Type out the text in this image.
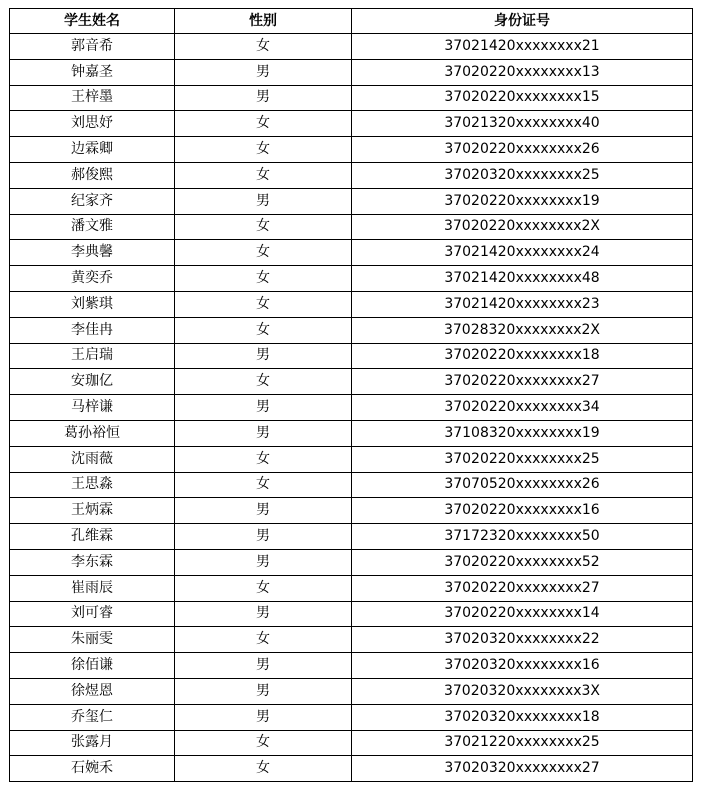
学生姓名	性别	身份证号
郭音希	女	37021420xxxxxxxx21
钟嘉圣	男	37020220xxxxxxxx13
王梓墨	男	37020220xxxxxxxx15
刘思妤	女	37021320xxxxxxxx40
边霖卿	女	37020220xxxxxxxx26
郝俊熙	女	37020320xxxxxxxx25
纪家齐	男	37020220xxxxxxxx19
潘文雅	女	37020220xxxxxxxx2X
李典馨	女	37021420xxxxxxxx24
黄奕乔	女	37021420xxxxxxxx48
刘紫琪	女	37021420xxxxxxxx23
李佳冉	女	37028320xxxxxxxx2X
王启瑞	男	37020220xxxxxxxx18
安珈亿	女	37020220xxxxxxxx27
马梓谦	男	37020220xxxxxxxx34
葛孙裕恒	男	37108320xxxxxxxx19
沈雨薇	女	37020220xxxxxxxx25
王思淼	女	37070520xxxxxxxx26
王炳霖	男	37020220xxxxxxxx16
孔维霖	男	37172320xxxxxxxx50
李东霖	男	37020220xxxxxxxx52
崔雨辰	女	37020220xxxxxxxx27
刘可睿	男	37020220xxxxxxxx14
朱丽雯	女	37020320xxxxxxxx22
徐佰谦	男	37020320xxxxxxxx16
徐煜恩	男	37020320xxxxxxxx3X
乔玺仁	男	37020320xxxxxxxx18
张露月	女	37021220xxxxxxxx25
石婉禾	女	37020320xxxxxxxx27
